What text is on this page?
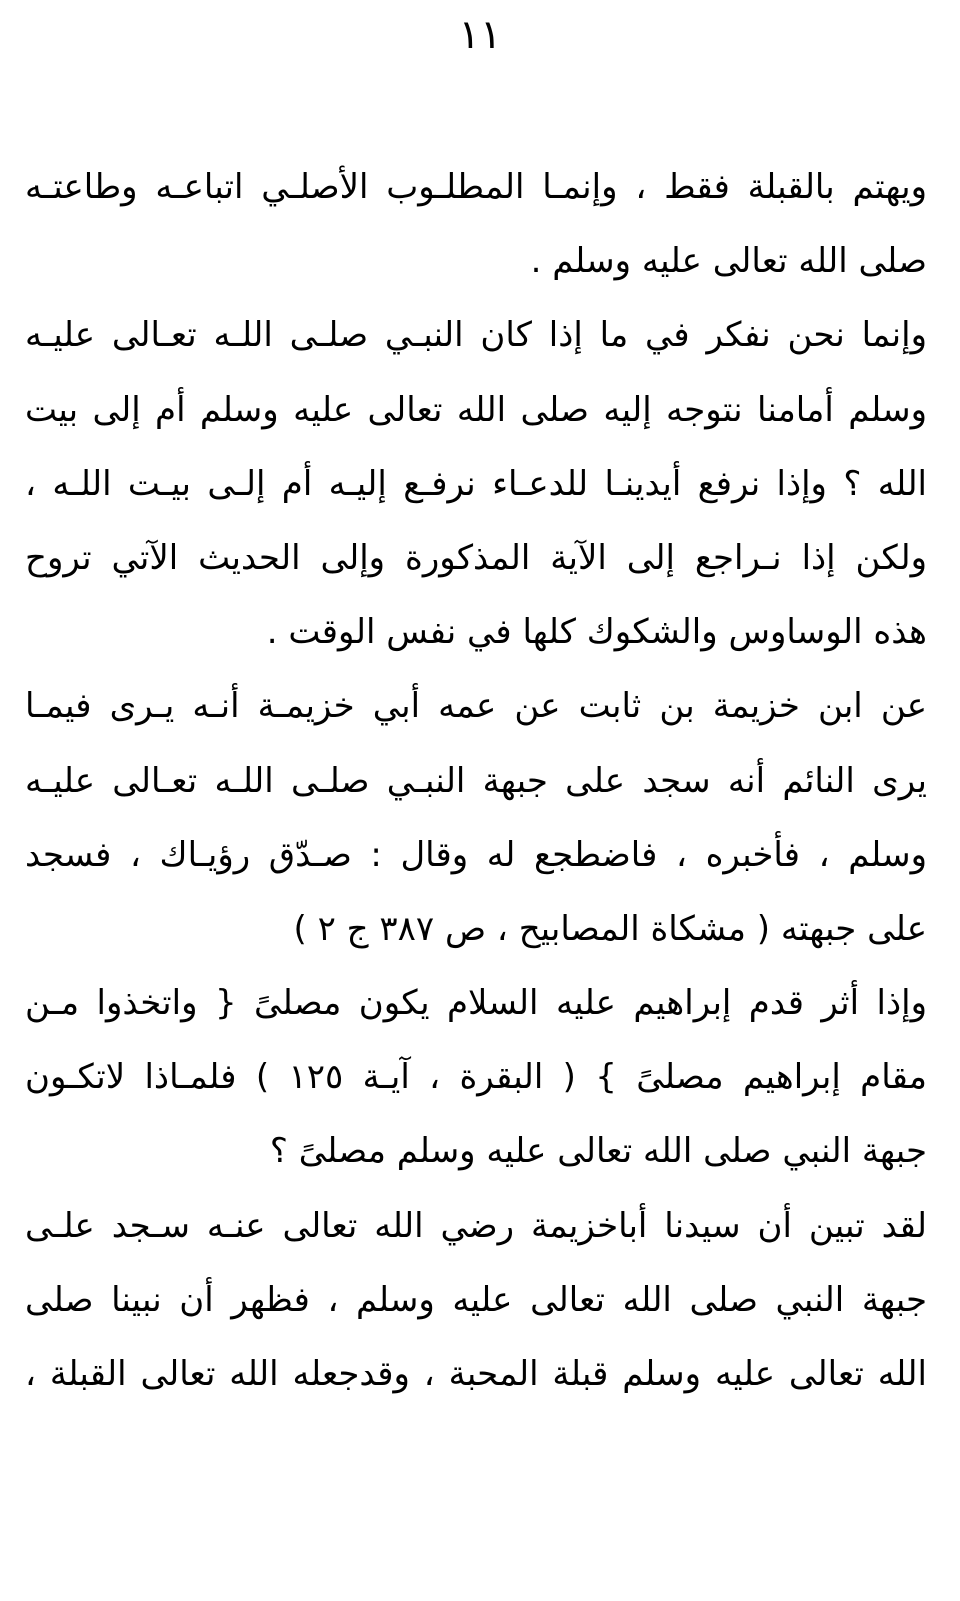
١١
ويهتم بالقبلة فقط ، وإنمـا المطلـوب الأصلـي اتباعـه وطاعتـه
صلى الله تعالى عليه وسلم .
وإنما نحن نفكر في ما إذا كان النبـي صلـى اللـه تعـالى عليـه
وسلم أمامنا نتوجه إليه صلى الله تعالى عليه وسلم أم إلى بيت
الله ؟ وإذا نرفع أيدينـا للدعـاء نرفـع إليـه أم إلـى بيـت اللـه ،
ولكن إذا نـراجع إلى الآية المذكورة وإلى الحديث الآتي تروح
هذه الوساوس والشكوك كلها في نفس الوقت .
عن ابن خزيمة بن ثابت عن عمه أبي خزيمـة أنـه يـرى فيمـا
يرى النائم أنه سجد على جبهة النبـي صلـى اللـه تعـالى عليـه
وسلم ، فأخبره ، فاضطجع له وقال : صـدّق رؤيـاك ، فسجد
على جبهته ( مشكاة المصابيح ، ص ٣٨٧ ج ٢ )
وإذا أثر قدم إبراهيم عليه السلام يكون مصلىً { واتخذوا مـن
مقام إبراهيم مصلىً } ( البقرة ، آيـة ١٢٥ ) فلمـاذا لاتكـون
جبهة النبي صلى الله تعالى عليه وسلم مصلىً ؟
لقد تبين أن سيدنا أباخزيمة رضي الله تعالى عنـه سـجد علـى
جبهة النبي صلى الله تعالى عليه وسلم ، فظهر أن نبينا صلى
الله تعالى عليه وسلم قبلة المحبة ، وقدجعله الله تعالى القبلة ،
